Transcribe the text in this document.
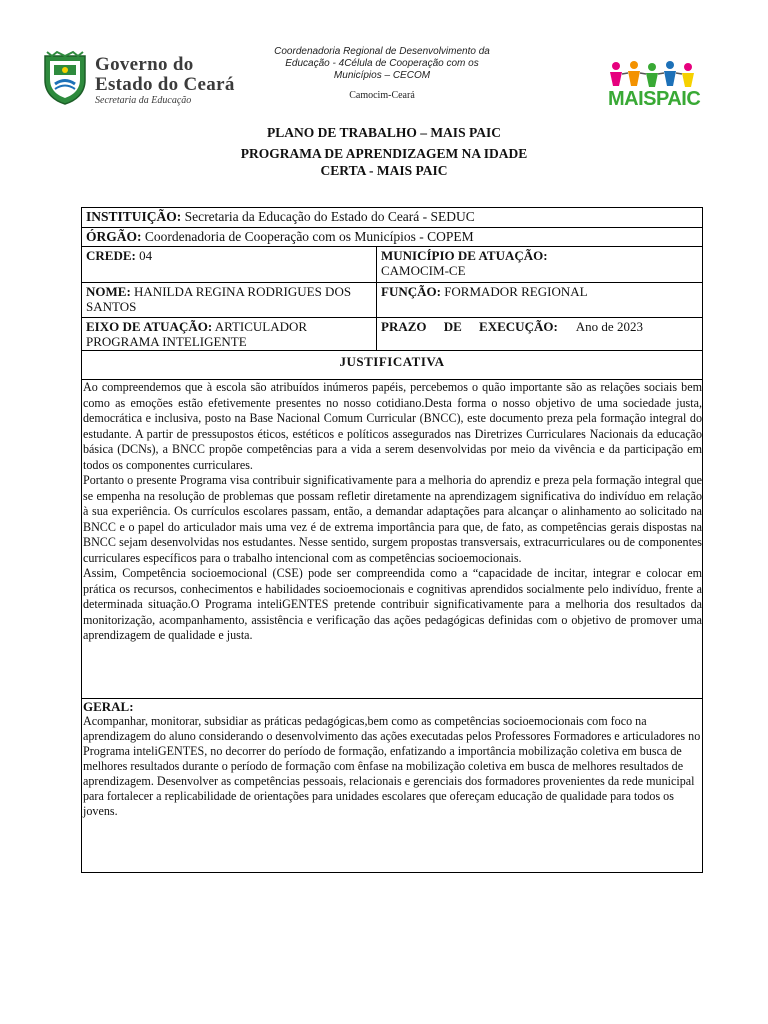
Governo do
Estado do Ceará
Secretaria da Educação
Coordenadoria Regional de Desenvolvimento da
Educação - 4Célula de Cooperação com os
Municípios – CECOM
Camocim-Ceará	MAISPAIC
PLANO DE TRABALHO – MAIS PAIC
PROGRAMA DE APRENDIZAGEM NA IDADE
CERTA - MAIS PAIC
INSTITUIÇÃO: Secretaria da Educação do Estado do Ceará - SEDUC
ÓRGÃO: Coordenadoria de Cooperação com os Municípios - COPEM
CREDE: 04	MUNICÍPIO DE ATUAÇÃO:
CAMOCIM-CE
NOME: HANILDA REGINA RODRIGUES DOS SANTOS
FUNÇÃO: FORMADOR REGIONAL
EIXO DE ATUAÇÃO: ARTICULADOR PROGRAMA INTELIGENTE
PRAZO DE EXECUÇÃO: Ano de 2023
JUSTIFICATIVA

Ao compreendemos que à escola são atribuídos inúmeros papéis, percebemos o quão importante são as relações sociais bem como as emoções estão efetivemente presentes no nosso cotidiano.Desta forma o nosso objetivo de uma sociedade justa, democrática e inclusiva, posto na Base Nacional Comum Curricular (BNCC), este documento preza pela formação integral do estudante. A partir de pressupostos éticos, estéticos e políticos assegurados nas Diretrizes Curriculares Nacionais da educação básica (DCNs), a BNCC propõe competências para a vida a serem desenvolvidas por meio da vivência e da participação em todos os componentes curriculares.

Portanto o presente Programa visa contribuir significativamente para a melhoria do aprendiz e preza pela formação integral que se empenha na resolução de problemas que possam refletir diretamente na aprendizagem significativa do indivíduo em relação à sua experiência. Os currículos escolares passam, então, a demandar adaptações para alcançar o alinhamento ao solicitado na BNCC e o papel do articulador mais uma vez é de extrema importância para que, de fato, as competências gerais dispostas na BNCC sejam desenvolvidas nos estudantes. Nesse sentido, surgem propostas transversais, extracurriculares ou de componentes curriculares específicos para o trabalho intencional com as competências socioemocionais.

Assim, Competência socioemocional (CSE) pode ser compreendida como a “capacidade de incitar, integrar e colocar em prática os recursos, conhecimentos e habilidades socioemocionais e cognitivas aprendidos socialmente pelo indivíduo, frente a determinada situação.O Programa inteliGENTES pretende contribuir significativamente para a melhoria dos resultados da monitorização, acompanhamento, assistência e verificação das ações pedagógicas definidas com o objetivo de promover uma aprendizagem de qualidade e justa.

GERAL:

Acompanhar, monitorar, subsidiar as práticas pedagógicas,bem como as competências socioemocionais com foco na aprendizagem do aluno considerando o desenvolvimento das ações executadas pelos Professores Formadores e articuladores no Programa inteliGENTES, no decorrer do período de formação, enfatizando a importância mobilização coletiva em busca de melhores resultados durante o período de formação com ênfase na mobilização coletiva em busca de melhores resultados de aprendizagem. Desenvolver as competências pessoais, relacionais e gerenciais dos formadores provenientes da rede municipal para fortalecer a replicabilidade de orientações para unidades escolares que ofereçam educação de qualidade para todos os jovens.
